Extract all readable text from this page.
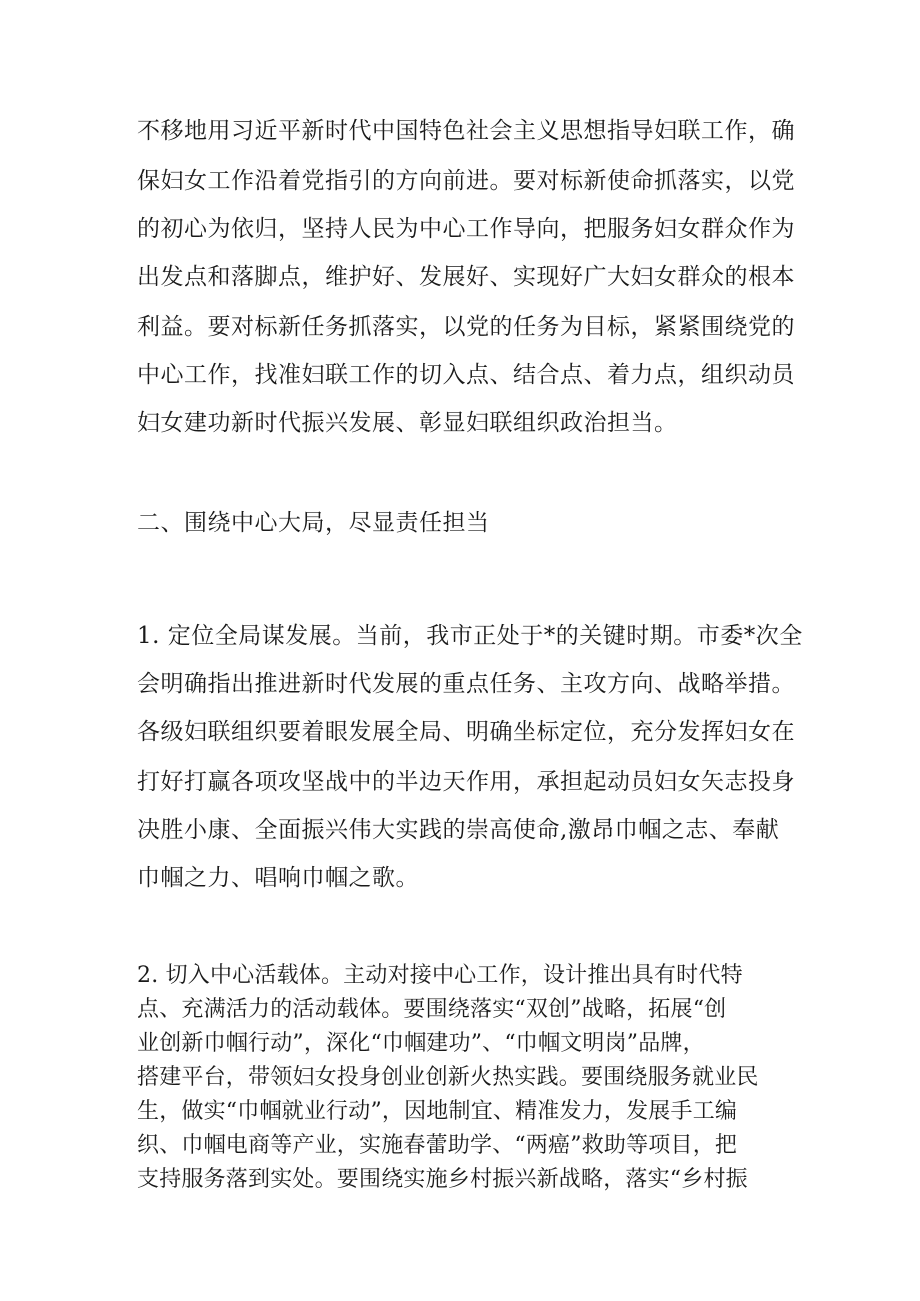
不移地用习近平新时代中国特色社会主义思想指导妇联工作，确
保妇女工作沿着党指引的方向前进。要对标新使命抓落实，以党
的初心为依归，坚持人民为中心工作导向，把服务妇女群众作为
出发点和落脚点，维护好、发展好、实现好广大妇女群众的根本
利益。要对标新任务抓落实，以党的任务为目标，紧紧围绕党的
中心工作，找准妇联工作的切入点、结合点、着力点，组织动员
妇女建功新时代振兴发展、彰显妇联组织政治担当。
二、围绕中心大局，尽显责任担当
1. 定位全局谋发展。当前，我市正处于*的关键时期。市委*次全
会明确指出推进新时代发展的重点任务、主攻方向、战略举措。
各级妇联组织要着眼发展全局、明确坐标定位，充分发挥妇女在
打好打赢各项攻坚战中的半边天作用，承担起动员妇女矢志投身
决胜小康、全面振兴伟大实践的崇高使命,激昂巾帼之志、奉献
巾帼之力、唱响巾帼之歌。
2. 切入中心活载体。主动对接中心工作，设计推出具有时代特
点、充满活力的活动载体。要围绕落实“双创”战略，拓展“创
业创新巾帼行动”，深化“巾帼建功”、“巾帼文明岗”品牌，
搭建平台，带领妇女投身创业创新火热实践。要围绕服务就业民
生，做实“巾帼就业行动”，因地制宜、精准发力，发展手工编
织、巾帼电商等产业，实施春蕾助学、“两癌”救助等项目，把
支持服务落到实处。要围绕实施乡村振兴新战略，落实“乡村振
